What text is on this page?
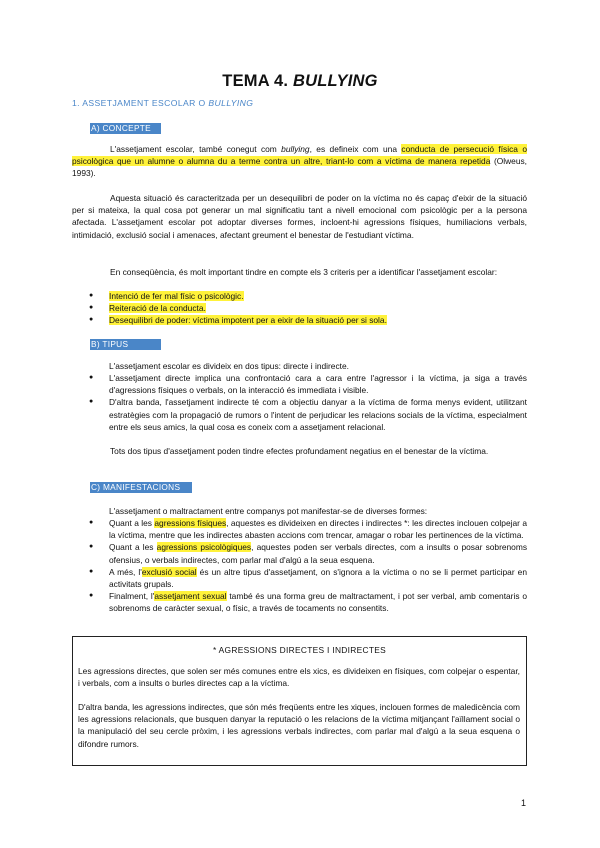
TEMA 4. BULLYING
1. ASSETJAMENT ESCOLAR O BULLYING
A) CONCEPTE
L'assetjament escolar, també conegut com bullying, es defineix com una conducta de persecució física o psicològica que un alumne o alumna du a terme contra un altre, triant-lo com a víctima de manera repetida (Olweus, 1993).
Aquesta situació és caracteritzada per un desequilibri de poder on la víctima no és capaç d'eixir de la situació per si mateixa, la qual cosa pot generar un mal significatiu tant a nivell emocional com psicològic per a la persona afectada. L'assetjament escolar pot adoptar diverses formes, incloent-hi agressions físiques, humiliacions verbals, intimidació, exclusió social i amenaces, afectant greument el benestar de l'estudiant víctima.
En conseqüència, és molt important tindre en compte els 3 criteris per a identificar l'assetjament escolar:
● Intenció de fer mal físic o psicològic.
● Reiteració de la conducta.
● Desequilibri de poder: víctima impotent per a eixir de la situació per si sola.
B) TIPUS
L'assetjament escolar es divideix en dos tipus: directe i indirecte.
● L'assetjament directe implica una confrontació cara a cara entre l'agressor i la víctima, ja siga a través d'agressions físiques o verbals, on la interacció és immediata i visible.
● D'altra banda, l'assetjament indirecte té com a objectiu danyar a la víctima de forma menys evident, utilitzant estratègies com la propagació de rumors o l'intent de perjudicar les relacions socials de la víctima, especialment entre els seus amics, la qual cosa es coneix com a assetjament relacional.
Tots dos tipus d'assetjament poden tindre efectes profundament negatius en el benestar de la víctima.
C) MANIFESTACIONS
L'assetjament o maltractament entre companys pot manifestar-se de diverses formes:
● Quant a les agressions físiques, aquestes es divideixen en directes i indirectes *: les directes inclouen colpejar a la víctima, mentre que les indirectes abasten accions com trencar, amagar o robar les pertinences de la víctima.
● Quant a les agressions psicològiques, aquestes poden ser verbals directes, com a insults o posar sobrenoms ofensius, o verbals indirectes, com parlar mal d'algú a la seua esquena.
● A més, l'exclusió social és un altre tipus d'assetjament, on s'ignora a la víctima o no se li permet participar en activitats grupals.
● Finalment, l'assetjament sexual també és una forma greu de maltractament, i pot ser verbal, amb comentaris o sobrenoms de caràcter sexual, o físic, a través de tocaments no consentits.
* AGRESSIONS DIRECTES I INDIRECTES
Les agressions directes, que solen ser més comunes entre els xics, es divideixen en físiques, com colpejar o espentar, i verbals, com a insults o burles directes cap a la víctima.
D'altra banda, les agressions indirectes, que són més freqüents entre les xiques, inclouen formes de maledicència com les agressions relacionals, que busquen danyar la reputació o les relacions de la víctima mitjançant l'aïllament social o la manipulació del seu cercle pròxim, i les agressions verbals indirectes, com parlar mal d'algú a la seua esquena o difondre rumors.
1
